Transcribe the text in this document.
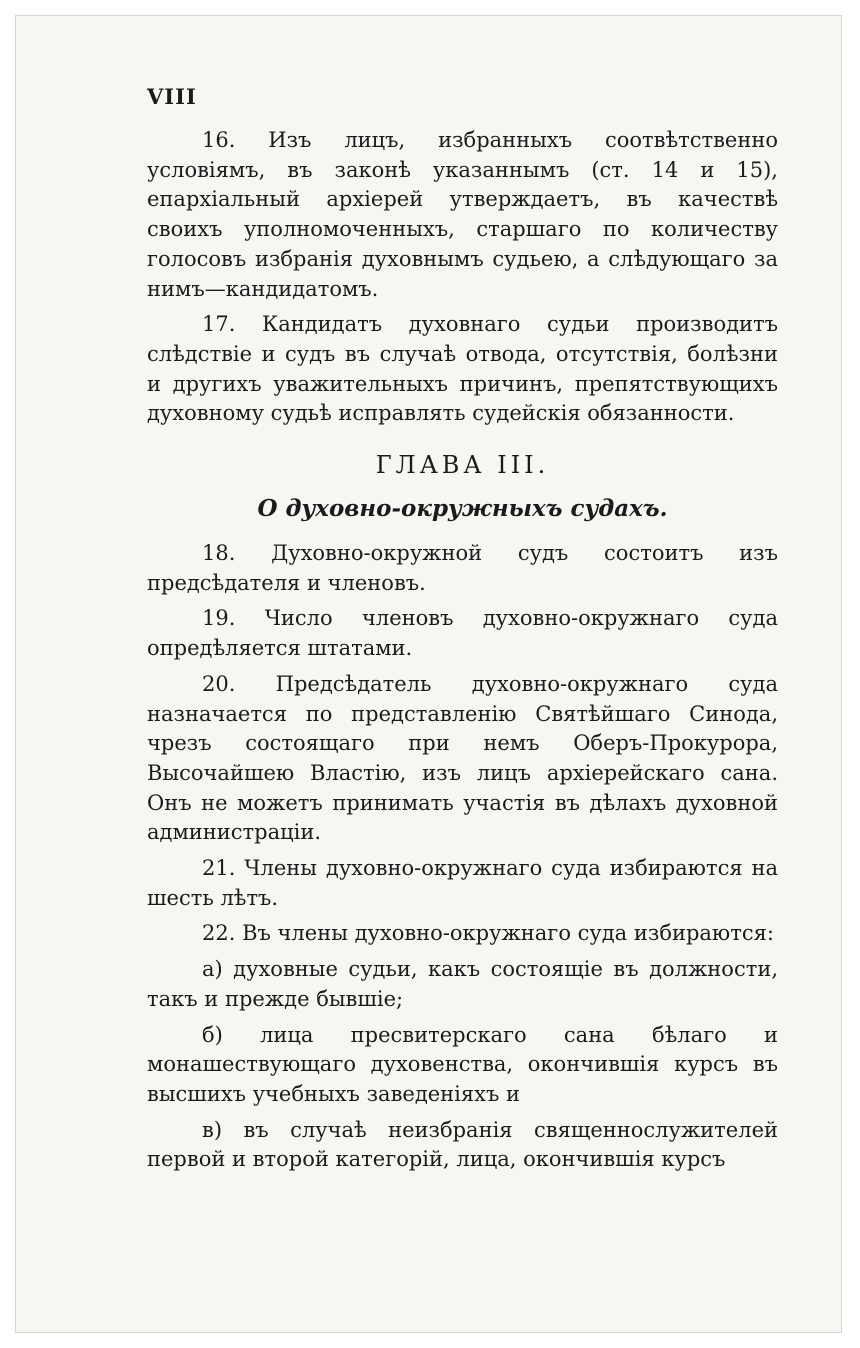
VIII

16. Изъ лицъ, избранныхъ соотвѣтственно условіямъ, въ законѣ указаннымъ (ст. 14 и 15), епархіальный архіерей утверждаетъ, въ качествѣ своихъ уполномоченныхъ, старшаго по количеству голосовъ избранія духовнымъ судьею, а слѣдующаго за нимъ—кандидатомъ.

17. Кандидатъ духовнаго судьи производитъ слѣдствіе и судъ въ случаѣ отвода, отсутствія, болѣзни и другихъ уважительныхъ причинъ, препятствующихъ духовному судьѣ исправлять судейскія обязанности.

ГЛАВА III.
О духовно-окружныхъ судахъ.

18. Духовно-окружной судъ состоитъ изъ предсѣдателя и членовъ.

19. Число членовъ духовно-окружнаго суда опредѣляется штатами.

20. Предсѣдатель духовно-окружнаго суда назначается по представленію Святѣйшаго Синода, чрезъ состоящаго при немъ Оберъ-Прокурора, Высочайшею Властію, изъ лицъ архіерейскаго сана. Онъ не можетъ принимать участія въ дѣлахъ духовной администраціи.

21. Члены духовно-окружнаго суда избираются на шесть лѣтъ.

22. Въ члены духовно-окружнаго суда избираются:

а) духовные судьи, какъ состоящіе въ должности, такъ и прежде бывшіе;

б) лица пресвитерскаго сана бѣлаго и монашествующаго духовенства, окончившія курсъ въ высшихъ учебныхъ заведеніяхъ и

в) въ случаѣ неизбранія священнослужителей первой и второй категорій, лица, окончившія курсъ
